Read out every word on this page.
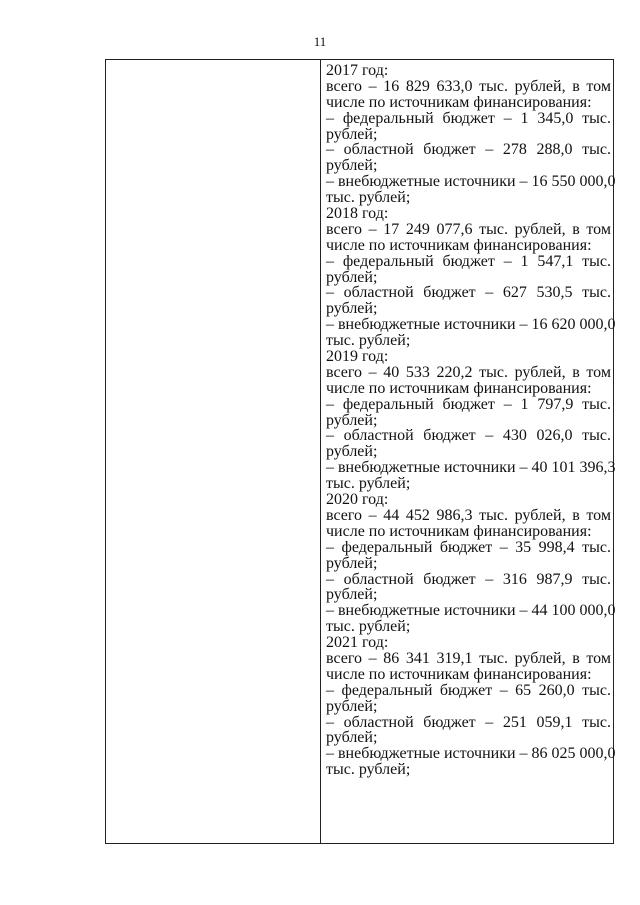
11
2017 год:
всего – 16 829 633,0 тыс. рублей, в том
числе по источникам финансирования:
– федеральный бюджет – 1 345,0 тыс.
рублей;
– областной бюджет – 278 288,0 тыс.
рублей;
– внебюджетные источники – 16 550 000,0
тыс. рублей;
2018 год:
всего – 17 249 077,6 тыс. рублей, в том
числе по источникам финансирования:
– федеральный бюджет – 1 547,1 тыс.
рублей;
– областной бюджет – 627 530,5 тыс.
рублей;
– внебюджетные источники – 16 620 000,0
тыс. рублей;
2019 год:
всего – 40 533 220,2 тыс. рублей, в том
числе по источникам финансирования:
– федеральный бюджет – 1 797,9 тыс.
рублей;
– областной бюджет – 430 026,0 тыс.
рублей;
– внебюджетные источники – 40 101 396,3
тыс. рублей;
2020 год:
всего – 44 452 986,3 тыс. рублей, в том
числе по источникам финансирования:
– федеральный бюджет – 35 998,4 тыс.
рублей;
– областной бюджет – 316 987,9 тыс.
рублей;
– внебюджетные источники – 44 100 000,0
тыс. рублей;
2021 год:
всего – 86 341 319,1 тыс. рублей, в том
числе по источникам финансирования:
– федеральный бюджет – 65 260,0 тыс.
рублей;
– областной бюджет – 251 059,1 тыс.
рублей;
– внебюджетные источники – 86 025 000,0
тыс. рублей;
